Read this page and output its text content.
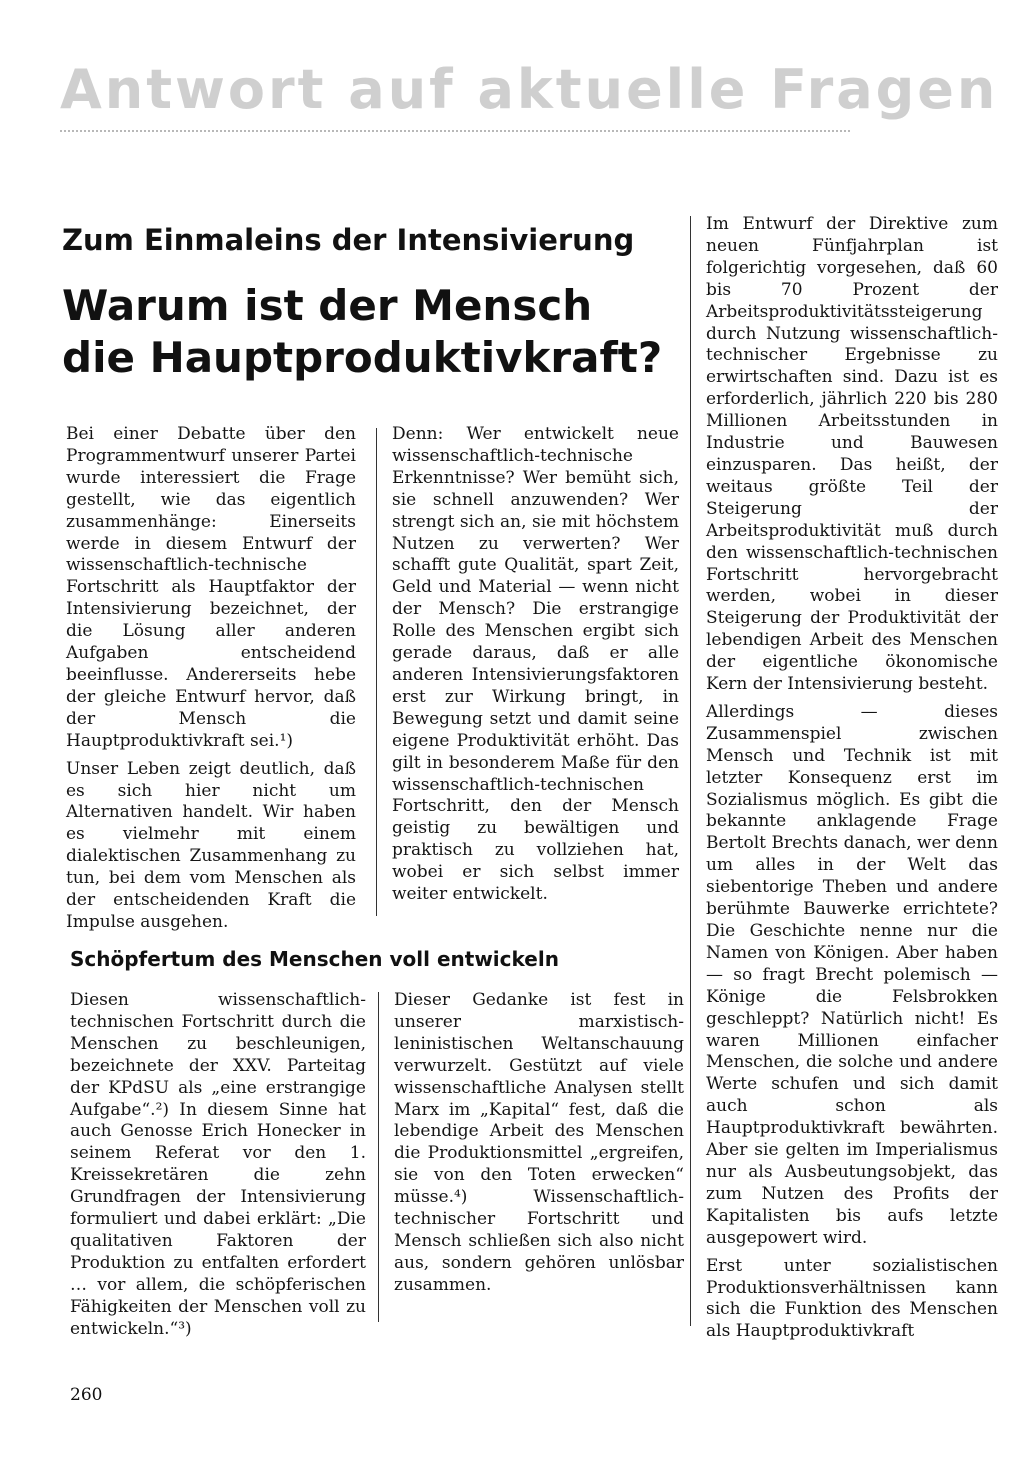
Antwort auf aktuelle Fragen
Zum Einmaleins der Intensivierung
Warum ist der Mensch
die Hauptproduktivkraft?

Bei einer Debatte über den Programmentwurf unserer Partei wurde interessiert die Frage gestellt, wie das eigentlich zusammenhänge: Einerseits werde in diesem Entwurf der wissenschaftlich-technische Fortschritt als Hauptfaktor der Intensivierung bezeichnet, der die Lösung aller anderen Aufgaben entscheidend beeinflusse. Andererseits hebe der gleiche Entwurf hervor, daß der Mensch die Hauptproduktivkraft sei.¹)

Unser Leben zeigt deutlich, daß es sich hier nicht um Alternativen handelt. Wir haben es vielmehr mit einem dialektischen Zusammenhang zu tun, bei dem vom Menschen als der entscheidenden Kraft die Impulse ausgehen.

Denn: Wer entwickelt neue wissenschaftlich-technische Erkenntnisse? Wer bemüht sich, sie schnell anzuwenden? Wer strengt sich an, sie mit höchstem Nutzen zu verwerten? Wer schafft gute Qualität, spart Zeit, Geld und Material — wenn nicht der Mensch? Die erstrangige Rolle des Menschen ergibt sich gerade daraus, daß er alle anderen Intensivierungsfaktoren erst zur Wirkung bringt, in Bewegung setzt und damit seine eigene Produktivität erhöht. Das gilt in besonderem Maße für den wissenschaftlich-technischen Fortschritt, den der Mensch geistig zu bewältigen und praktisch zu vollziehen hat, wobei er sich selbst immer weiter entwickelt.

Schöpfertum des Menschen voll entwickeln

Diesen wissenschaftlich-technischen Fortschritt durch die Menschen zu beschleunigen, bezeichnete der XXV. Parteitag der KPdSU als „eine erstrangige Aufgabe“.²) In diesem Sinne hat auch Genosse Erich Honecker in seinem Referat vor den 1. Kreissekretären die zehn Grundfragen der Intensivierung formuliert und dabei erklärt: „Die qualitativen Faktoren der Produktion zu entfalten erfordert … vor allem, die schöpferischen Fähigkeiten der Menschen voll zu entwickeln.“³)

Dieser Gedanke ist fest in unserer marxistisch-leninistischen Weltanschauung verwurzelt. Gestützt auf viele wissenschaftliche Analysen stellt Marx im „Kapital“ fest, daß die lebendige Arbeit des Menschen die Produktionsmittel „ergreifen, sie von den Toten erwecken“ müsse.⁴) Wissenschaftlich-technischer Fortschritt und Mensch schließen sich also nicht aus, sondern gehören unlösbar zusammen.

Im Entwurf der Direktive zum neuen Fünfjahrplan ist folgerichtig vorgesehen, daß 60 bis 70 Prozent der Arbeitsproduktivitätssteigerung durch Nutzung wissenschaftlich-technischer Ergebnisse zu erwirtschaften sind. Dazu ist es erforderlich, jährlich 220 bis 280 Millionen Arbeitsstunden in Industrie und Bauwesen einzusparen. Das heißt, der weitaus größte Teil der Steigerung der Arbeitsproduktivität muß durch den wissenschaftlich-technischen Fortschritt hervorgebracht werden, wobei in dieser Steigerung der Produktivität der lebendigen Arbeit des Menschen der eigentliche ökonomische Kern der Intensivierung besteht.

Allerdings — dieses Zusammenspiel zwischen Mensch und Technik ist mit letzter Konsequenz erst im Sozialismus möglich. Es gibt die bekannte anklagende Frage Bertolt Brechts danach, wer denn um alles in der Welt das siebentorige Theben und andere berühmte Bauwerke errichtete? Die Geschichte nenne nur die Namen von Königen. Aber haben — so fragt Brecht polemisch — Könige die Felsbrokken geschleppt? Natürlich nicht! Es waren Millionen einfacher Menschen, die solche und andere Werte schufen und sich damit auch schon als Hauptproduktivkraft bewährten. Aber sie gelten im Imperialismus nur als Ausbeutungsobjekt, das zum Nutzen des Profits der Kapitalisten bis aufs letzte ausgepowert wird.

Erst unter sozialistischen Produktionsverhältnissen kann sich die Funktion des Menschen als Hauptproduktivkraft

260
